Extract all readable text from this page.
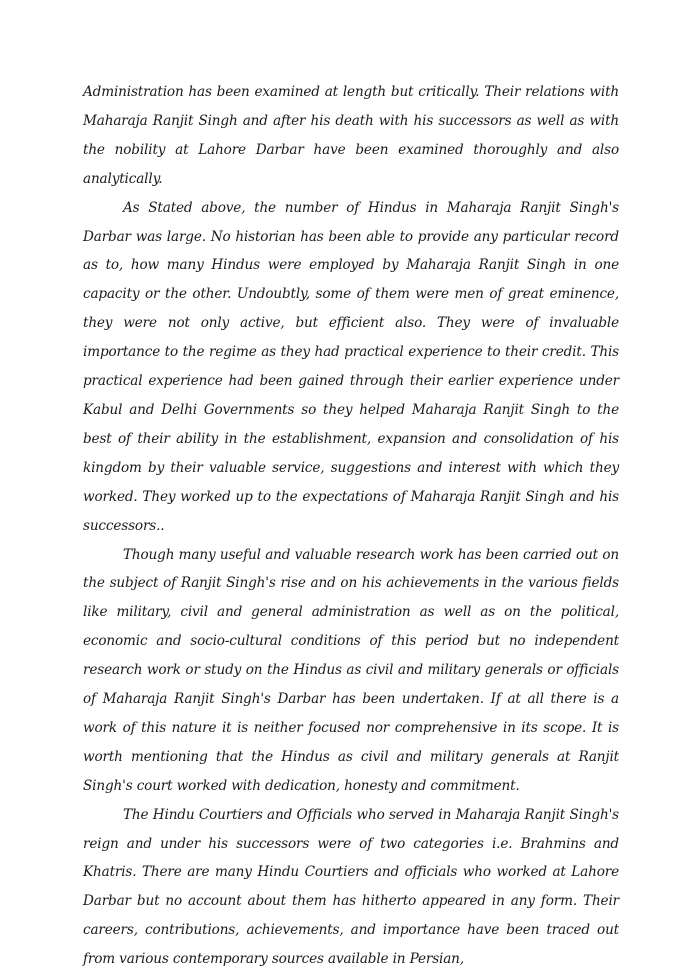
Administration has been examined at length but critically. Their relations with Maharaja Ranjit Singh and after his death with his successors as well as with the nobility at Lahore Darbar have been examined thoroughly and also analytically.

As Stated above, the number of Hindus in Maharaja Ranjit Singh's Darbar was large. No historian has been able to provide any particular record as to, how many Hindus were employed by Maharaja Ranjit Singh in one capacity or the other. Undoubtly, some of them were men of great eminence, they were not only active, but efficient also. They were of invaluable importance to the regime as they had practical experience to their credit. This practical experience had been gained through their earlier experience under Kabul and Delhi Governments so they helped Maharaja Ranjit Singh to the best of their ability in the establishment, expansion and consolidation of his kingdom by their valuable service, suggestions and interest with which they worked. They worked up to the expectations of Maharaja Ranjit Singh and his successors..

Though many useful and valuable research work has been carried out on the subject of Ranjit Singh's rise and on his achievements in the various fields like military, civil and general administration as well as on the political, economic and socio-cultural conditions of this period but no independent research work or study on the Hindus as civil and military generals or officials of Maharaja Ranjit Singh's Darbar has been undertaken. If at all there is a work of this nature it is neither focused nor comprehensive in its scope. It is worth mentioning that the Hindus as civil and military generals at Ranjit Singh's court worked with dedication, honesty and commitment.

The Hindu Courtiers and Officials who served in Maharaja Ranjit Singh's reign and under his successors were of two categories i.e. Brahmins and Khatris. There are many Hindu Courtiers and officials who worked at Lahore Darbar but no account about them has hitherto appeared in any form. Their careers, contributions, achievements, and importance have been traced out from various contemporary sources available in Persian,
